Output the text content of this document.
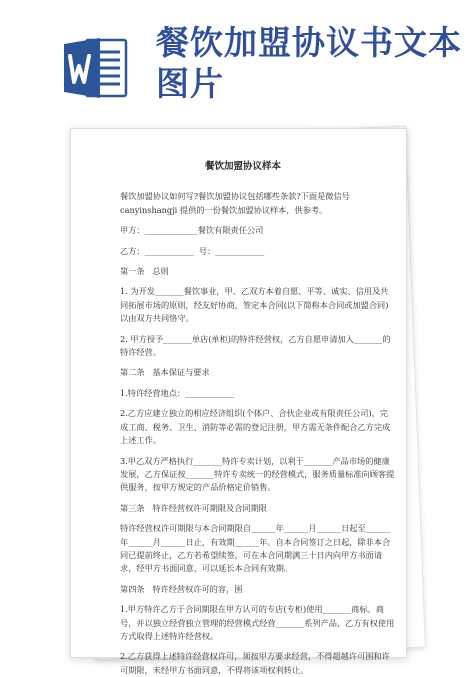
餐饮加盟协议书文本图片
餐饮加盟协议样本
餐饮加盟协议如何写?餐饮加盟协议包括哪些条款?下面是微信号 canyinshangji 提供的一份餐饮加盟协议样本，供参考。
甲方：_____________餐饮有限责任公司
乙方：____________  号：____________
第一条   总则
1. 为开发_______餐饮事业，甲、乙双方本着自愿、平等、诚实、信用及共同拓展市场的原则，经友好协商，签定本合同(以下简称本合同或加盟合同)以由双方共同恪守。
2. 甲方授予_______单店(单柜)的特许经营权，乙方自愿申请加入_______的特许经营。
第二条   基本保证与要求
1.特许经营地点：____________
2.乙方应建立独立的相应经济组织(个体户、合伙企业或有限责任公司)，完成工商、税务、卫生、消防等必需的登记注册，甲方需无条件配合乙方完成上述工作。
3.甲乙双方严格执行_______特许专卖计划，以利于_______产品市场的健康发展，乙方保证按_______特许专卖统一的经营模式，服务质量标准向顾客提供服务，按甲方规定的产品价格定价销售。
第三条   特许经营权许可期限及合同期限
特许经营权许可期限与本合同期限自______年______月______日起至______年______月______日止，有效期______年。自本合同签订之日起，除非本合同已提前终止，乙方若希望续签，可在本合同期满三十日内向甲方书面请求，经甲方书面同意，可以延长本合同有效期。
第四条   特许经营权许可的容，围
1.甲方特许乙方于合同期限在甲方认可的专店(专柜)使用_______商标、商号，并以独立经营独立管理的经营模式经营_______系列产品，乙方有权使用方式取得上述特许经营权。
2.乙方获得上述特许经营权许可，须按甲方要求经营，不得超越许可围和许可期限，未经甲方书面同意，不得将该项权利转让。
